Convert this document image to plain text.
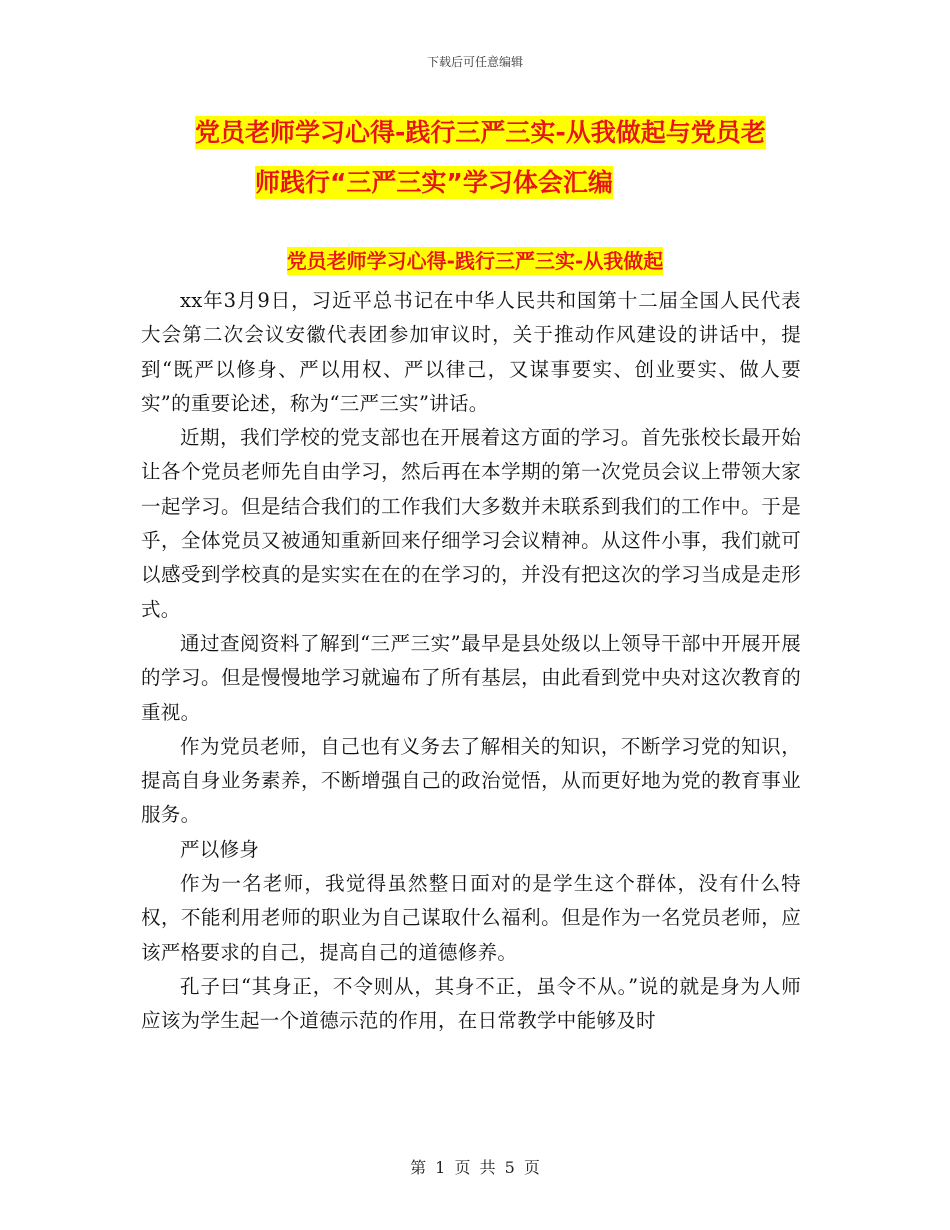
下载后可任意编辑
党员老师学习心得-践行三严三实-从我做起与党员老
师践行“三严三实”学习体会汇编
党员老师学习心得-践行三严三实-从我做起

xx年3月9日，习近平总书记在中华人民共和国第十二届全国人民代表大会第二次会议安徽代表团参加审议时，关于推动作风建设的讲话中，提到“既严以修身、严以用权、严以律己，又谋事要实、创业要实、做人要实”的重要论述，称为“三严三实”讲话。

近期，我们学校的党支部也在开展着这方面的学习。首先张校长最开始让各个党员老师先自由学习，然后再在本学期的第一次党员会议上带领大家一起学习。但是结合我们的工作我们大多数并未联系到我们的工作中。于是乎，全体党员又被通知重新回来仔细学习会议精神。从这件小事，我们就可以感受到学校真的是实实在在的在学习的，并没有把这次的学习当成是走形式。

通过查阅资料了解到“三严三实”最早是县处级以上领导干部中开展开展的学习。但是慢慢地学习就遍布了所有基层，由此看到党中央对这次教育的重视。

作为党员老师，自己也有义务去了解相关的知识，不断学习党的知识，提高自身业务素养，不断增强自己的政治觉悟，从而更好地为党的教育事业服务。

严以修身

作为一名老师，我觉得虽然整日面对的是学生这个群体，没有什么特权，不能利用老师的职业为自己谋取什么福利。但是作为一名党员老师，应该严格要求的自己，提高自己的道德修养。

孔子曰“其身正，不令则从，其身不正，虽令不从。”说的就是身为人师应该为学生起一个道德示范的作用，在日常教学中能够及时

第 1 页 共 5 页
